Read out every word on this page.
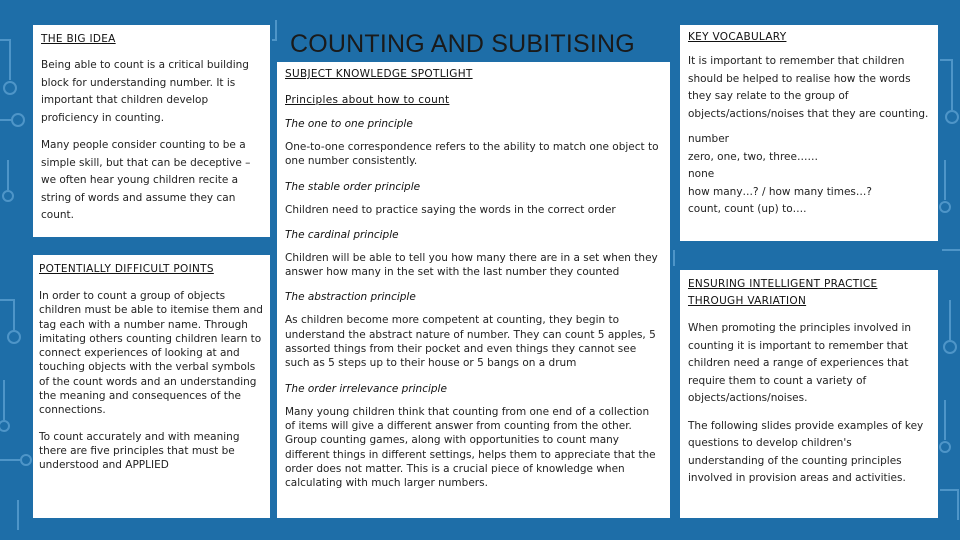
COUNTING AND SUBITISING
THE BIG IDEA
Being able to count is a critical building block for understanding number. It is important that children develop proficiency in counting.
Many people consider counting to be a simple skill, but that can be deceptive – we often hear young children recite a string of words and assume they can count.
POTENTIALLY DIFFICULT POINTS
In order to count a group of objects children must be able to itemise them and tag each with a number name. Through imitating others counting children learn to connect experiences of looking at and touching objects with the verbal symbols of the count words and an understanding the meaning and consequences of the connections.
To count accurately and with meaning there are five principles that must be understood and APPLIED
SUBJECT KNOWLEDGE SPOTLIGHT
Principles about how to count
The one to one principle
One-to-one correspondence refers to the ability to match one object to one number consistently.
The stable order principle
Children need to practice saying the words in the correct order
The cardinal principle
Children will be able to tell you how many there are in a set when they answer how many in the set with the last number they counted
The abstraction principle
As children become more competent at counting, they begin to understand the abstract nature of number. They can count 5 apples, 5 assorted things from their pocket and even things they cannot see such as 5 steps up to their house or 5 bangs on a drum
The order irrelevance principle
Many young children think that counting from one end of a collection of items will give a different answer from counting from the other. Group counting games, along with opportunities to count many different things in different settings, helps them to appreciate that the order does not matter. This is a crucial piece of knowledge when calculating with much larger numbers.
KEY VOCABULARY
It is important to remember that children should be helped to realise how the words they say relate to the group of objects/actions/noises that they are counting.
number
zero, one, two, three……
none
how many…? / how many times…?
count, count (up) to….
ENSURING INTELLIGENT PRACTICE THROUGH VARIATION
When promoting the principles involved in counting it is important to remember that children need a range of experiences that require them to count a variety of objects/actions/noises.
The following slides provide examples of key questions to develop children's understanding of the counting principles involved in provision areas and activities.
